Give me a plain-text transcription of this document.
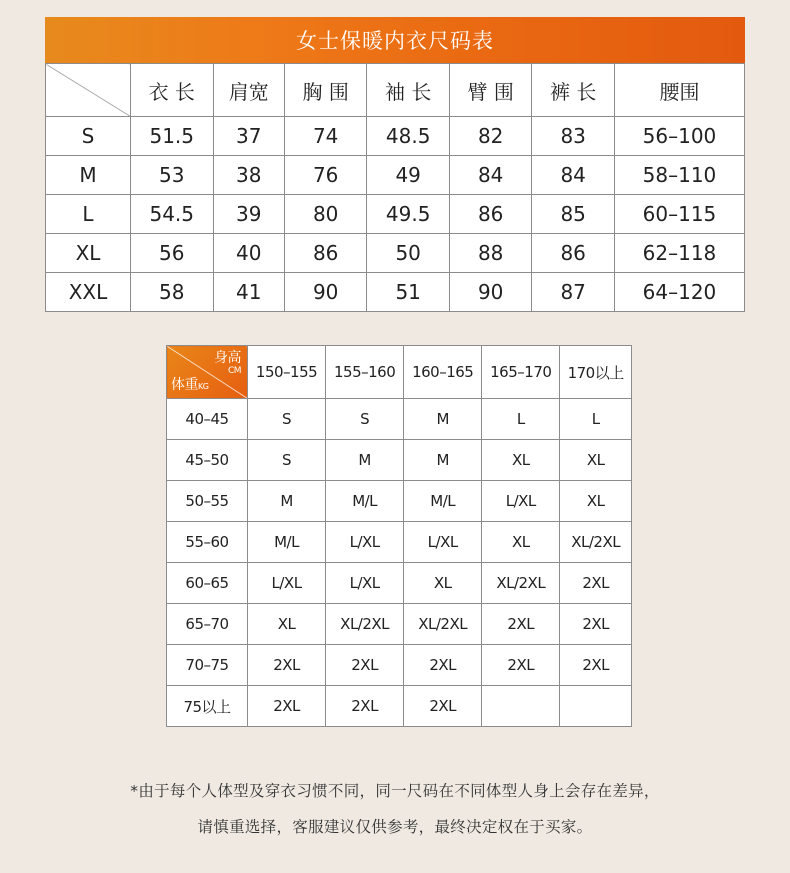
女士保暖内衣尺码表
	衣 长	肩宽	胸 围	袖 长	臂 围	裤 长	腰围
S	51.5	37	74	48.5	82	83	56–100
M	53	38	76	49	84	84	58–110
L	54.5	39	80	49.5	86	85	60–115
XL	56	40	86	50	88	86	62–118
XXL	58	41	90	51	90	87	64–120
身高
CM
体重KG	150–155	155–160	160–165	165–170	170以上
40–45	S	S	M	L	L
45–50	S	M	M	XL	XL
50–55	M	M/L	M/L	L/XL	XL
55–60	M/L	L/XL	L/XL	XL	XL/2XL
60–65	L/XL	L/XL	XL	XL/2XL	2XL
65–70	XL	XL/2XL	XL/2XL	2XL	2XL
70–75	2XL	2XL	2XL	2XL	2XL
75以上	2XL	2XL	2XL		
*由于每个人体型及穿衣习惯不同，同一尺码在不同体型人身上会存在差异，
请慎重选择，客服建议仅供参考，最终决定权在于买家。
